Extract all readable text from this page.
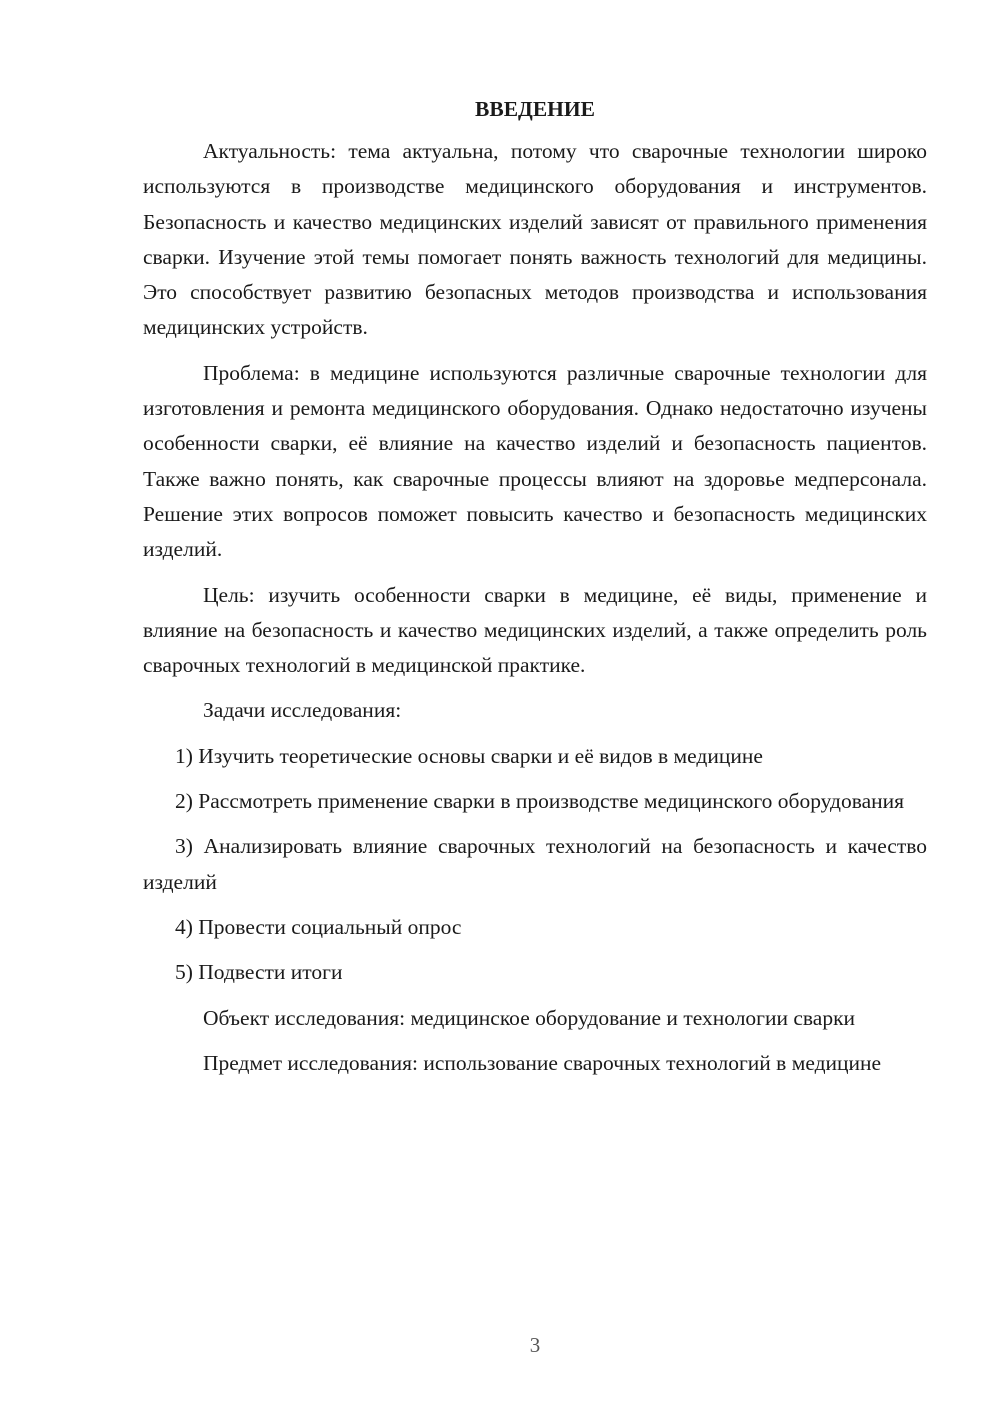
ВВЕДЕНИЕ

Актуальность: тема актуальна, потому что сварочные технологии широко используются в производстве медицинского оборудования и инструментов. Безопасность и качество медицинских изделий зависят от правильного применения сварки. Изучение этой темы помогает понять важность технологий для медицины. Это способствует развитию безопасных методов производства и использования медицинских устройств.

Проблема: в медицине используются различные сварочные технологии для изготовления и ремонта медицинского оборудования. Однако недостаточно изучены особенности сварки, её влияние на качество изделий и безопасность пациентов. Также важно понять, как сварочные процессы влияют на здоровье медперсонала. Решение этих вопросов поможет повысить качество и безопасность медицинских изделий.

Цель: изучить особенности сварки в медицине, её виды, применение и влияние на безопасность и качество медицинских изделий, а также определить роль сварочных технологий в медицинской практике.

Задачи исследования:

1) Изучить теоретические основы сварки и её видов в медицине

2) Рассмотреть применение сварки в производстве медицинского оборудования

3) Анализировать влияние сварочных технологий на безопасность и качество изделий

4) Провести социальный опрос

5) Подвести итоги

Объект исследования: медицинское оборудование и технологии сварки

Предмет исследования: использование сварочных технологий в медицине

3
